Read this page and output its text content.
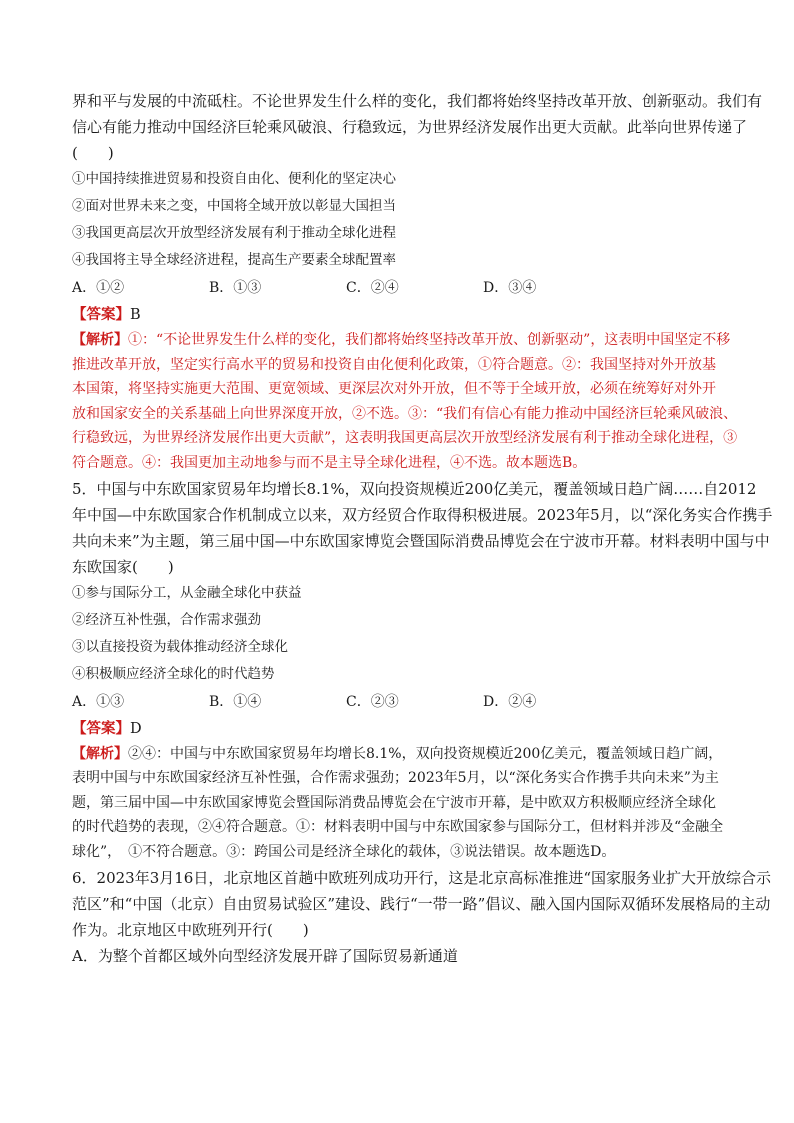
界和平与发展的中流砥柱。不论世界发生什么样的变化，我们都将始终坚持改革开放、创新驱动。我们有

信心有能力推动中国经济巨轮乘风破浪、行稳致远，为世界经济发展作出更大贡献。此举向世界传递了

(　　)

①中国持续推进贸易和投资自由化、便利化的坚定决心

②面对世界未来之变，中国将全域开放以彰显大国担当

③我国更高层次开放型经济发展有利于推动全球化进程

④我国将主导全球经济进程，提高生产要素全球配置率

A．①②	B．①③	C．②④	D．③④

【答案】B

【解析】①：“不论世界发生什么样的变化，我们都将始终坚持改革开放、创新驱动”，这表明中国坚定不移

推进改革开放，坚定实行高水平的贸易和投资自由化便利化政策，①符合题意。②：我国坚持对外开放基

本国策，将坚持实施更大范围、更宽领域、更深层次对外开放，但不等于全域开放，必须在统筹好对外开

放和国家安全的关系基础上向世界深度开放，②不选。③：“我们有信心有能力推动中国经济巨轮乘风破浪、

行稳致远，为世界经济发展作出更大贡献”，这表明我国更高层次开放型经济发展有利于推动全球化进程，③

符合题意。④：我国更加主动地参与而不是主导全球化进程，④不选。故本题选B。

5．中国与中东欧国家贸易年均增长8.1%，双向投资规模近200亿美元，覆盖领域日趋广阔……自2012

年中国—中东欧国家合作机制成立以来，双方经贸合作取得积极进展。2023年5月，以“深化务实合作携手

共向未来”为主题，第三届中国—中东欧国家博览会暨国际消费品博览会在宁波市开幕。材料表明中国与中

东欧国家(　　)

①参与国际分工，从金融全球化中获益

②经济互补性强，合作需求强劲

③以直接投资为载体推动经济全球化

④积极顺应经济全球化的时代趋势

A．①③	B．①④	C．②③	D．②④

【答案】D

【解析】②④：中国与中东欧国家贸易年均增长8.1%，双向投资规模近200亿美元，覆盖领域日趋广阔，

表明中国与中东欧国家经济互补性强，合作需求强劲；2023年5月，以“深化务实合作携手共向未来”为主

题，第三届中国—中东欧国家博览会暨国际消费品博览会在宁波市开幕，是中欧双方积极顺应经济全球化

的时代趋势的表现，②④符合题意。①：材料表明中国与中东欧国家参与国际分工，但材料并涉及“金融全

球化”，　①不符合题意。③：跨国公司是经济全球化的载体，③说法错误。故本题选D。

6．2023年3月16日，北京地区首趟中欧班列成功开行，这是北京高标准推进“国家服务业扩大开放综合示

范区”和“中国（北京）自由贸易试验区”建设、践行“一带一路”倡议、融入国内国际双循环发展格局的主动

作为。北京地区中欧班列开行(　　)

A．为整个首都区域外向型经济发展开辟了国际贸易新通道
